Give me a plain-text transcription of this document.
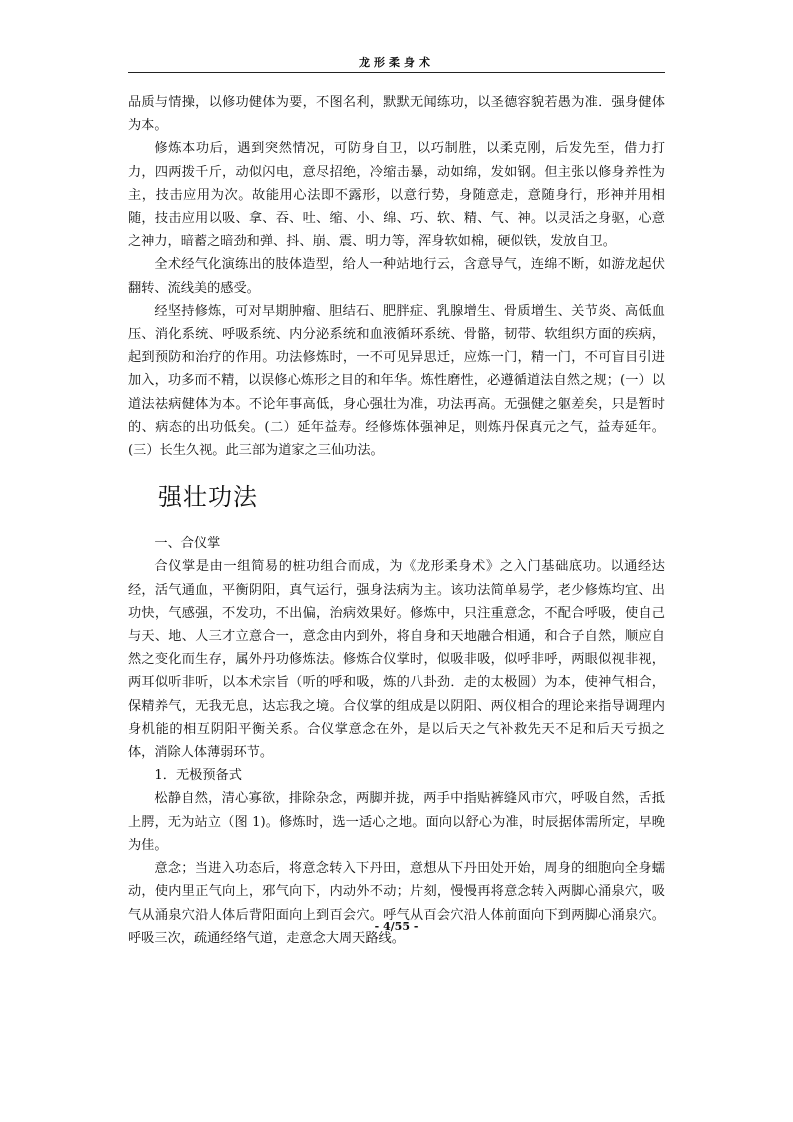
龙形柔身术

品质与情操，以修功健体为要，不图名利，默默无闻练功，以圣德容貌若愚为准．强身健体为本。

修炼本功后，遇到突然情况，可防身自卫，以巧制胜，以柔克刚，后发先至，借力打力，四两拨千斤，动似闪电，意尽招绝，冷缩击暴，动如绵，发如钢。但主张以修身养性为主，技击应用为次。故能用心法即不露形，以意行势，身随意走，意随身行，形神并用相随，技击应用以吸、拿、吞、吐、缩、小、绵、巧、软、精、气、神。以灵活之身驱，心意之神力，暗蓄之暗劲和弹、抖、崩、震、明力等，浑身软如棉，硬似铁，发放自卫。

全术经气化演练出的肢体造型，给人一种站地行云，含意导气，连绵不断，如游龙起伏翻转、流线美的感受。

经坚持修炼，可对早期肿瘤、胆结石、肥胖症、乳腺增生、骨质增生、关节炎、高低血压、消化系统、呼吸系统、内分泌系统和血液循环系统、骨骼，韧带、软组织方面的疾病，起到预防和治疗的作用。功法修炼时，一不可见异思迁，应炼一门，精一门，不可盲目引进加入，功多而不精，以误修心炼形之目的和年华。炼性磨性，必遵循道法自然之规；(一）以道法祛病健体为本。不论年事高低，身心强壮为准，功法再高。无强健之躯差矣，只是暂时的、病态的出功低矣。(二）延年益寿。经修炼体强神足，则炼丹保真元之气，益寿延年。(三）长生久视。此三部为道家之三仙功法。

强壮功法

一、合仪掌

合仪掌是由一组简易的桩功组合而成，为《龙形柔身术》之入门基础底功。以通经达经，活气通血，平衡阴阳，真气运行，强身法病为主。该功法简单易学，老少修炼均宜、出功快，气感强，不发功，不出偏，治病效果好。修炼中，只注重意念，不配合呼吸，使自己与天、地、人三才立意合一，意念由内到外，将自身和天地融合相通，和合子自然，顺应自然之变化而生存，属外丹功修炼法。修炼合仪掌时，似吸非吸，似呼非呼，两眼似视非视，两耳似听非听，以本术宗旨（听的呼和吸，炼的八卦劲．走的太极圆）为本，使神气相合，保精养气，无我无息，达忘我之境。合仪掌的组成是以阴阳、两仪相合的理论来指导调理内身机能的相互阴阳平衡关系。合仪掌意念在外，是以后天之气补救先天不足和后天亏损之体，消除人体薄弱环节。

1．无极预备式

松静自然，清心寡欲，排除杂念，两脚并拢，两手中指贴裤缝风市穴，呼吸自然，舌抵上腭，无为站立（图 1)。修炼时，选一适心之地。面向以舒心为准，时辰据体需所定，早晚为佳。

意念；当进入功态后，将意念转入下丹田，意想从下丹田处开始，周身的细胞向全身蠕动，使内里正气向上，邪气向下，内动外不动；片刻，慢慢再将意念转入两脚心涌泉穴，吸气从涌泉穴沿人体后背阳面向上到百会穴。呼气从百会穴沿人体前面向下到两脚心涌泉穴。呼吸三次，疏通经络气道，走意念大周天路线。

- 4/55 -
